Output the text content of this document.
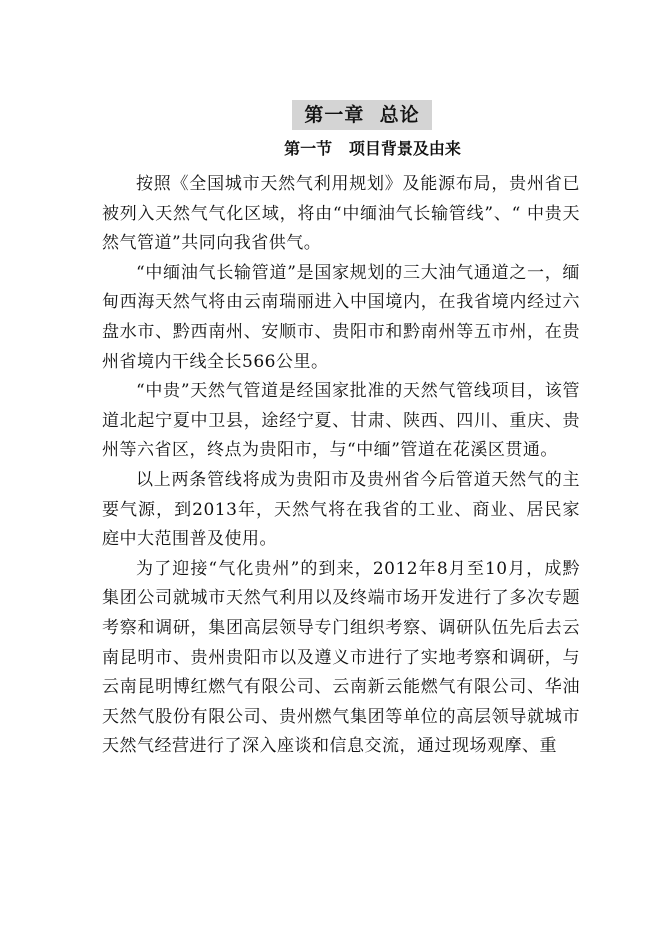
第一章  总论
第一节   项目背景及由来

按照《全国城市天然气利用规划》及能源布局，贵州省已被列入天然气气化区域，将由“中缅油气长输管线”、“ 中贵天然气管道”共同向我省供气。

“中缅油气长输管道”是国家规划的三大油气通道之一，缅甸西海天然气将由云南瑞丽进入中国境内，在我省境内经过六盘水市、黔西南州、安顺市、贵阳市和黔南州等五市州，在贵州省境内干线全长566公里。

“中贵”天然气管道是经国家批准的天然气管线项目，该管道北起宁夏中卫县，途经宁夏、甘肃、陕西、四川、重庆、贵州等六省区，终点为贵阳市，与“中缅”管道在花溪区贯通。

以上两条管线将成为贵阳市及贵州省今后管道天然气的主要气源，到2013年，天然气将在我省的工业、商业、居民家庭中大范围普及使用。

为了迎接“气化贵州”的到来，2012年8月至10月，成黔集团公司就城市天然气利用以及终端市场开发进行了多次专题考察和调研，集团高层领导专门组织考察、调研队伍先后去云南昆明市、贵州贵阳市以及遵义市进行了实地考察和调研，与云南昆明博红燃气有限公司、云南新云能燃气有限公司、华油天然气股份有限公司、贵州燃气集团等单位的高层领导就城市天然气经营进行了深入座谈和信息交流，通过现场观摩、重
